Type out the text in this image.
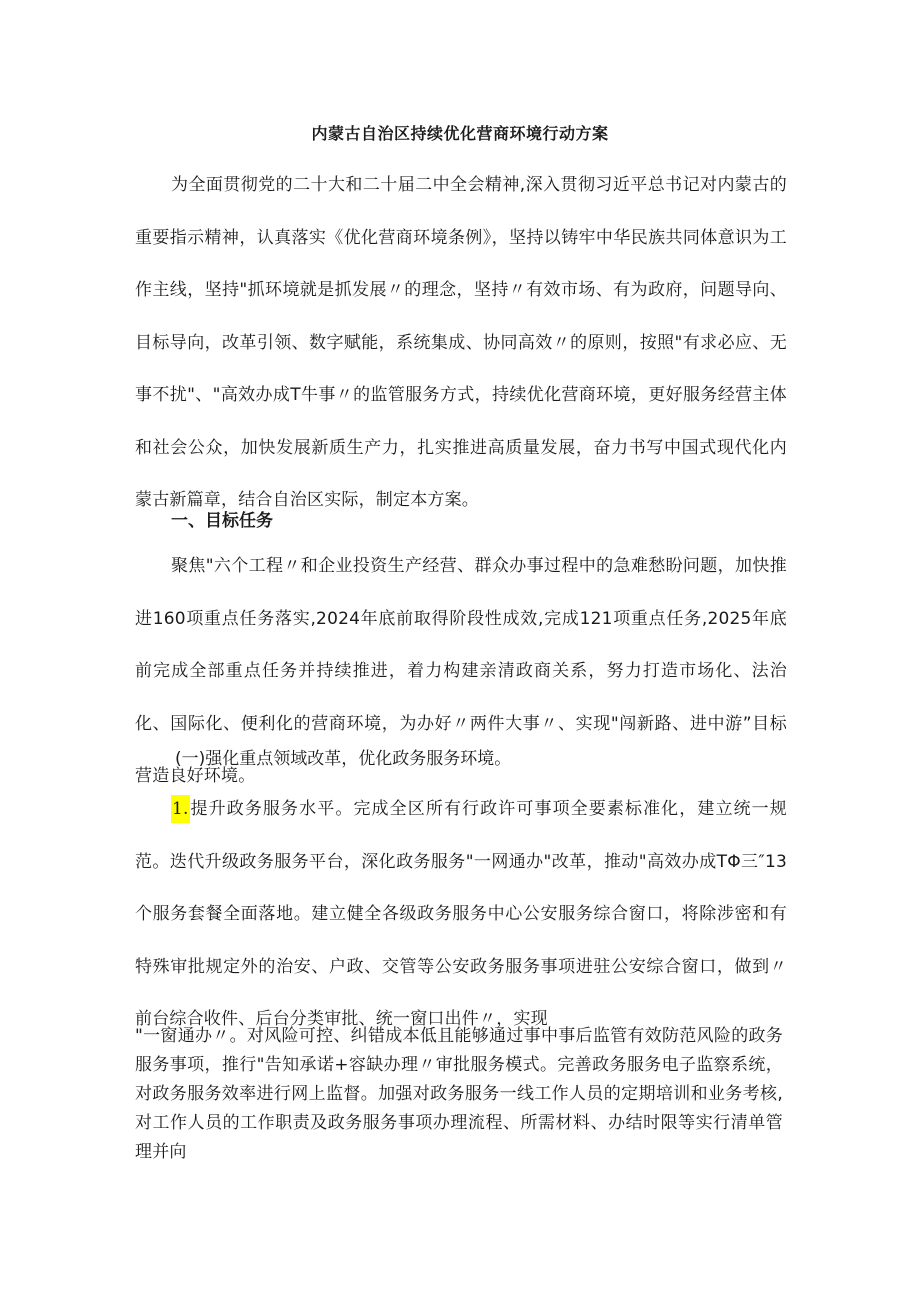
内蒙古自治区持续优化营商环境行动方案
为全面贯彻党的二十大和二十届二中全会精神,深入贯彻习近平总书记对内蒙古的重要指示精神，认真落实《优化营商环境条例》，坚持以铸牢中华民族共同体意识为工作主线，坚持"抓环境就是抓发展〃的理念，坚持〃有效市场、有为政府，问题导向、目标导向，改革引领、数字赋能，系统集成、协同高效〃的原则，按照"有求必应、无事不扰"、"高效办成T牛事〃的监管服务方式，持续优化营商环境，更好服务经营主体和社会公众，加快发展新质生产力，扎实推进高质量发展，奋力书写中国式现代化内蒙古新篇章，结合自治区实际，制定本方案。
一、目标任务
聚焦"六个工程〃和企业投资生产经营、群众办事过程中的急难愁盼问题，加快推进160项重点任务落实,2024年底前取得阶段性成效,完成121项重点任务,2025年底前完成全部重点任务并持续推进，着力构建亲清政商关系，努力打造市场化、法治化、国际化、便利化的营商环境，为办好〃两件大事〃、实现"闯新路、进中游”目标营造良好环境。
(一)强化重点领域改革，优化政务服务环境。
1.提升政务服务水平。完成全区所有行政许可事项全要素标准化，建立统一规范。迭代升级政务服务平台，深化政务服务"一网通办"改革，推动"高效办成TΦ三″13个服务套餐全面落地。建立健全各级政务服务中心公安服务综合窗口，将除涉密和有特殊审批规定外的治安、户政、交管等公安政务服务事项进驻公安综合窗口，做到〃前台综合收件、后台分类审批、统一窗口出件〃，实现
"一窗通办〃。对风险可控、纠错成本低且能够通过事中事后监管有效防范风险的政务服务事项，推行"告知承诺+容缺办理〃审批服务模式。完善政务服务电子监察系统，对政务服务效率进行网上监督。加强对政务服务一线工作人员的定期培训和业务考核,对工作人员的工作职责及政务服务事项办理流程、所需材料、办结时限等实行清单管理并向
